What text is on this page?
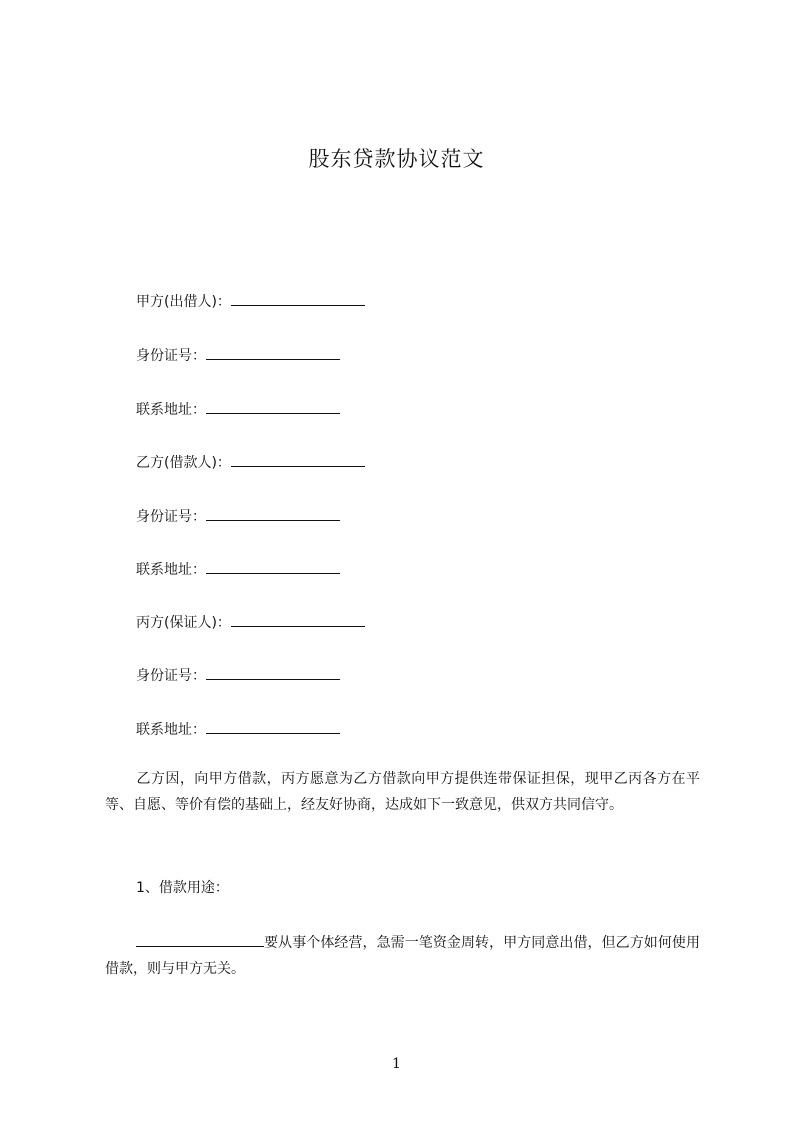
股东贷款协议范文
甲方(出借人)：
身份证号：
联系地址：
乙方(借款人)：
身份证号：
联系地址：
丙方(保证人)：
身份证号：
联系地址：
乙方因，向甲方借款，丙方愿意为乙方借款向甲方提供连带保证担保，现甲乙丙各方在平等、自愿、等价有偿的基础上，经友好协商，达成如下一致意见，供双方共同信守。
1、借款用途：
要从事个体经营，急需一笔资金周转，甲方同意出借，但乙方如何使用借款，则与甲方无关。
1
